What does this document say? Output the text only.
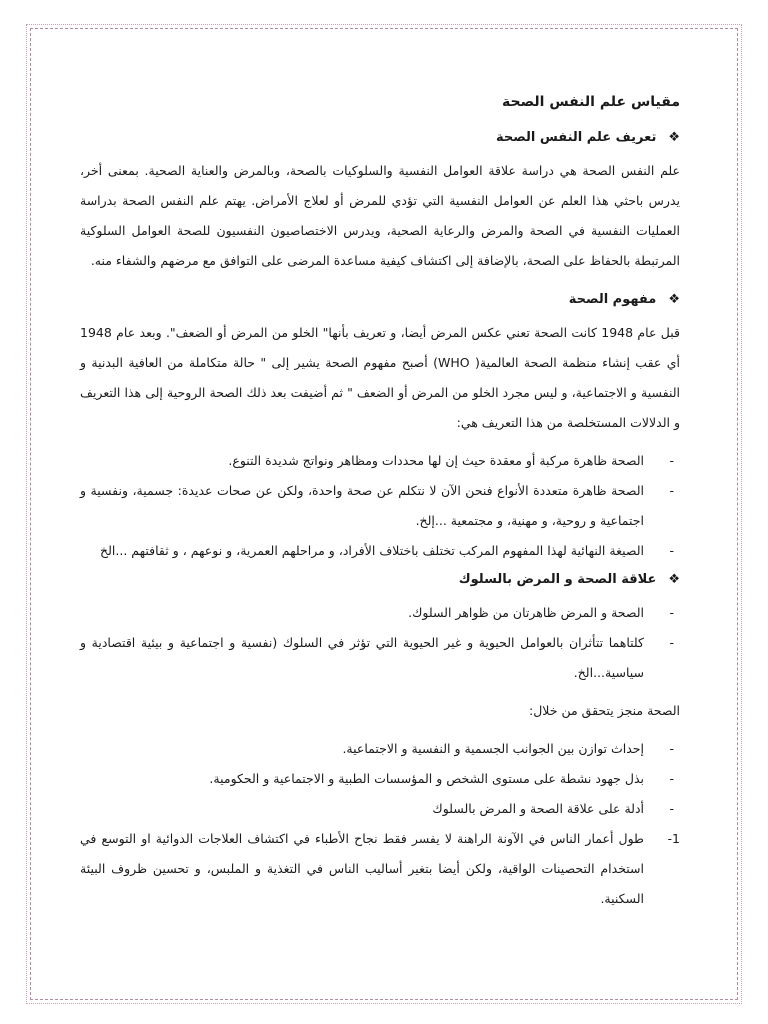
مقياس علم النفس الصحة
❖تعريف علم النفس الصحة

علم النفس الصحة هي دراسة علاقة العوامل النفسية والسلوكيات بالصحة، وبالمرض والعناية الصحية. بمعنى أخر، يدرس باحثي هذا العلم عن العوامل النفسية التي تؤدي للمرض أو لعلاج الأمراض. يهتم علم النفس الصحة بدراسة العمليات النفسية في الصحة والمرض والرعاية الصحية، ويدرس الاختصاصيون النفسيون للصحة العوامل السلوكية المرتبطة بالحفاظ على الصحة، بالإضافة إلى اكتشاف كيفية مساعدة المرضى على التوافق مع مرضهم والشفاء منه.

❖مفهوم الصحة

قبل عام 1948 كانت الصحة تعني عكس المرض أيضا، و تعريف بأنها" الخلو من المرض أو الضعف". وبعد عام 1948 أي عقب إنشاء منظمة الصحة العالمية( WHO) أصبح مفهوم الصحة يشير إلى " حالة متكاملة من العافية البدنية و النفسية و الاجتماعية، و ليس مجرد الخلو من المرض أو الضعف " ثم أضيفت بعد ذلك الصحة الروحية إلى هذا التعريف و الدلالات المستخلصة من هذا التعريف هي:

-
الصحة ظاهرة مركبة أو معقدة حيث إن لها محددات ومظاهر ونواتج شديدة التنوع.
-
الصحة ظاهرة متعددة الأنواع فنحن الآن لا نتكلم عن صحة واحدة، ولكن عن صحات عديدة: جسمية، ونفسية و اجتماعية و روحية، و مهنية، و مجتمعية ...إلخ.
-
الصيغة النهائية لهذا المفهوم المركب تختلف باختلاف الأفراد، و مراحلهم العمرية، و نوعهم ، و ثقافتهم ...الخ
❖علاقة الصحة و المرض بالسلوك
-
الصحة و المرض ظاهرتان من ظواهر السلوك.
-
كلتاهما تتأثران بالعوامل الحيوية و غير الحيوية التي تؤثر في السلوك (نفسية و اجتماعية و بيئية اقتصادية و سياسية...الخ.

الصحة منجز يتحقق من خلال:

-
إحداث توازن بين الجوانب الجسمية و النفسية و الاجتماعية.
-
بذل جهود نشطة على مستوى الشخص و المؤسسات الطبية و الاجتماعية و الحكومية.
-
أدلة على علاقة الصحة و المرض بالسلوك
-1
طول أعمار الناس في الآونة الراهنة لا يفسر فقط نجاح الأطباء في اكتشاف العلاجات الدوائية او التوسع في استخدام التحصينات الواقية، ولكن أيضا بتغير أساليب الناس في التغذية و الملبس، و تحسين ظروف البيئة السكنية.
